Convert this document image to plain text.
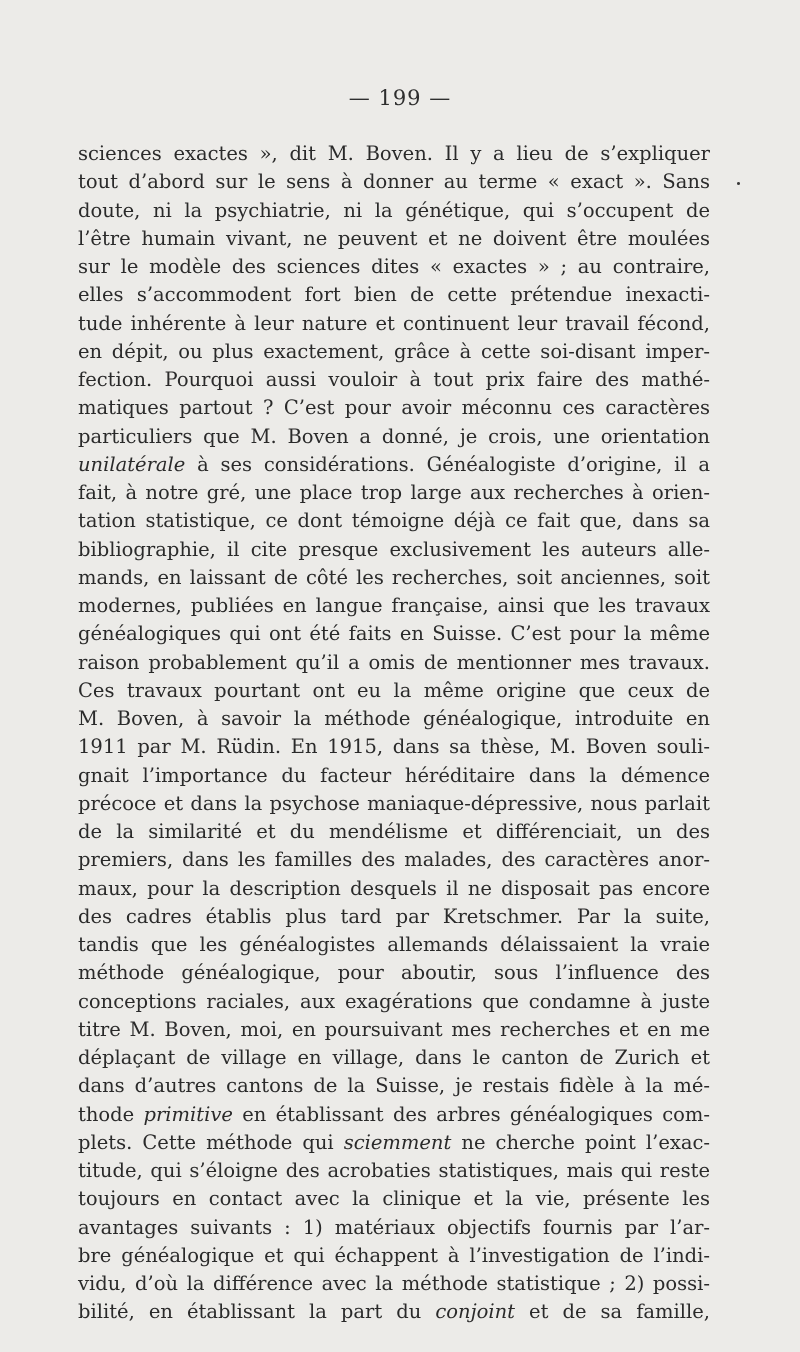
— 199 —
sciences exactes », dit M. Boven. Il y a lieu de s’expliquer
tout d’abord sur le sens à donner au terme « exact ». Sans
doute, ni la psychiatrie, ni la génétique, qui s’occupent de
l’être humain vivant, ne peuvent et ne doivent être moulées
sur le modèle des sciences dites « exactes » ; au contraire,
elles s’accommodent fort bien de cette prétendue inexacti-
tude inhérente à leur nature et continuent leur travail fécond,
en dépit, ou plus exactement, grâce à cette soi-disant imper-
fection. Pourquoi aussi vouloir à tout prix faire des mathé-
matiques partout ? C’est pour avoir méconnu ces caractères
particuliers que M. Boven a donné, je crois, une orientation
unilatérale à ses considérations. Généalogiste d’origine, il a
fait, à notre gré, une place trop large aux recherches à orien-
tation statistique, ce dont témoigne déjà ce fait que, dans sa
bibliographie, il cite presque exclusivement les auteurs alle-
mands, en laissant de côté les recherches, soit anciennes, soit
modernes, publiées en langue française, ainsi que les travaux
généalogiques qui ont été faits en Suisse. C’est pour la même
raison probablement qu’il a omis de mentionner mes travaux.
Ces travaux pourtant ont eu la même origine que ceux de
M. Boven, à savoir la méthode généalogique, introduite en
1911 par M. Rüdin. En 1915, dans sa thèse, M. Boven souli-
gnait l’importance du facteur héréditaire dans la démence
précoce et dans la psychose maniaque-dépressive, nous parlait
de la similarité et du mendélisme et différenciait, un des
premiers, dans les familles des malades, des caractères anor-
maux, pour la description desquels il ne disposait pas encore
des cadres établis plus tard par Kretschmer. Par la suite,
tandis que les généalogistes allemands délaissaient la vraie
méthode généalogique, pour aboutir, sous l’influence des
conceptions raciales, aux exagérations que condamne à juste
titre M. Boven, moi, en poursuivant mes recherches et en me
déplaçant de village en village, dans le canton de Zurich et
dans d’autres cantons de la Suisse, je restais fidèle à la mé-
thode primitive en établissant des arbres généalogiques com-
plets. Cette méthode qui sciemment ne cherche point l’exac-
titude, qui s’éloigne des acrobaties statistiques, mais qui reste
toujours en contact avec la clinique et la vie, présente les
avantages suivants : 1) matériaux objectifs fournis par l’ar-
bre généalogique et qui échappent à l’investigation de l’indi-
vidu, d’où la différence avec la méthode statistique ; 2) possi-
bilité, en établissant la part du conjoint et de sa famille,
